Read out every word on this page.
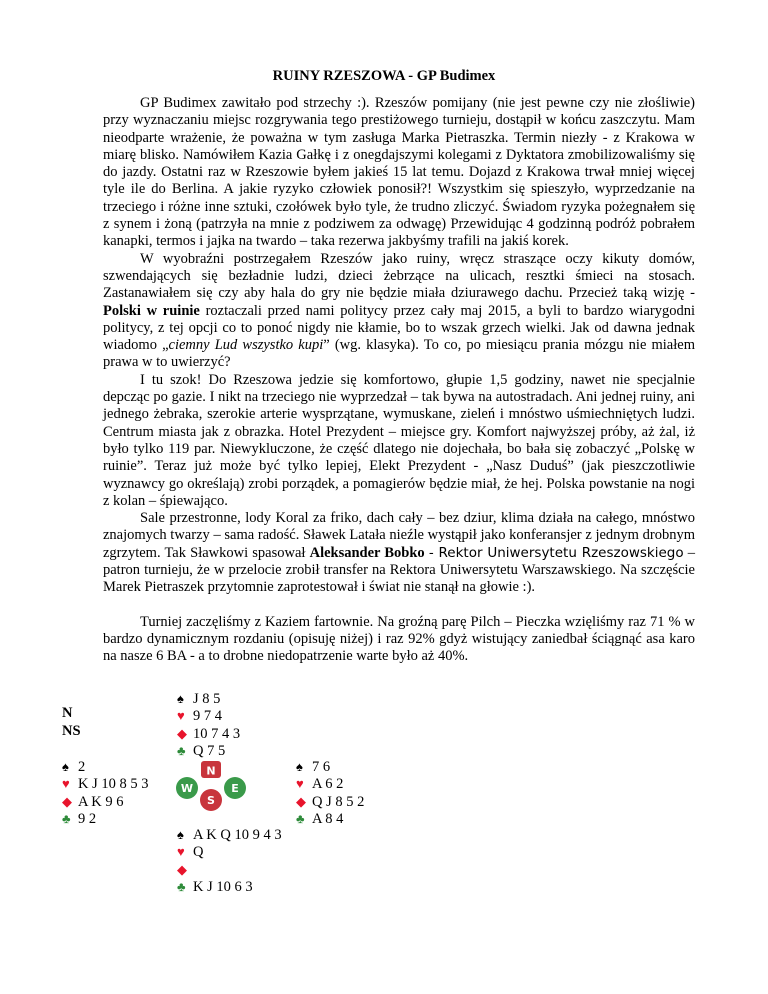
RUINY RZESZOWA - GP Budimex

GP Budimex zawitało pod strzechy :). Rzeszów pomijany (nie jest pewne czy nie złośliwie) przy wyznaczaniu miejsc rozgrywania tego prestiżowego turnieju, dostąpił w końcu zaszczytu. Mam nieodparte wrażenie, że poważna w tym zasługa Marka Pietraszka. Termin niezły - z Krakowa w miarę blisko. Namówiłem Kazia Gałkę i z onegdajszymi kolegami z Dyktatora zmobilizowaliśmy się do jazdy. Ostatni raz w Rzeszowie byłem jakieś 15 lat temu. Dojazd z Krakowa trwał mniej więcej tyle ile do Berlina. A jakie ryzyko człowiek ponosił?! Wszystkim się spieszyło, wyprzedzanie na trzeciego i różne inne sztuki, czołówek było tyle, że trudno zliczyć. Świadom ryzyka pożegnałem się z synem i żoną (patrzyła na mnie z podziwem za odwagę) Przewidując 4 godzinną podróż pobrałem kanapki, termos i jajka na twardo – taka rezerwa jakbyśmy trafili na jakiś korek.

W wyobraźni postrzegałem Rzeszów jako ruiny, wręcz straszące oczy kikuty domów, szwendających się bezładnie ludzi, dzieci żebrzące na ulicach, resztki śmieci na stosach. Zastanawiałem się czy aby hala do gry nie będzie miała dziurawego dachu. Przecież taką wizję - Polski w ruinie roztaczali przed nami politycy przez cały maj 2015, a byli to bardzo wiarygodni politycy, z tej opcji co to ponoć nigdy nie kłamie, bo to wszak grzech wielki. Jak od dawna jednak wiadomo „ciemny Lud wszystko kupi” (wg. klasyka). To co, po miesiącu prania mózgu nie miałem prawa w to uwierzyć?

I tu szok! Do Rzeszowa jedzie się komfortowo, głupie 1,5 godziny, nawet nie specjalnie depcząc po gazie. I nikt na trzeciego nie wyprzedzał – tak bywa na autostradach. Ani jednej ruiny, ani jednego żebraka, szerokie arterie wysprzątane, wymuskane, zieleń i mnóstwo uśmiechniętych ludzi. Centrum miasta jak z obrazka. Hotel Prezydent – miejsce gry. Komfort najwyższej próby, aż żal, iż było tylko 119 par. Niewykluczone, że część dlatego nie dojechała, bo bała się zobaczyć „Polskę w ruinie”. Teraz już może być tylko lepiej, Elekt Prezydent - „Nasz Duduś” (jak pieszczotliwie wyznawcy go określają) zrobi porządek, a pomagierów będzie miał, że hej. Polska powstanie na nogi z kolan – śpiewająco.

Sale przestronne, lody Koral za friko, dach cały – bez dziur, klima działa na całego, mnóstwo znajomych twarzy – sama radość. Sławek Latała nieźle wystąpił jako konferansjer z jednym drobnym zgrzytem. Tak Sławkowi spasował Aleksander Bobko - Rektor Uniwersytetu Rzeszowskiego – patron turnieju, że w przelocie zrobił transfer na Rektora Uniwersytetu Warszawskiego. Na szczęście Marek Pietraszek przytomnie zaprotestował i świat nie stanął na głowie :).

Turniej zaczęliśmy z Kaziem fartownie. Na groźną parę Pilch – Pieczka wzięliśmy raz 71 % w bardzo dynamicznym rozdaniu (opisuję niżej) i raz 92% gdyż wistujący zaniedbał ściągnąć asa karo na nasze 6 BA - a to drobne niedopatrzenie warte było aż 40%.

N
NS
♠ J 8 5
♥ 9 7 4
◆ 10 7 4 3
♣ Q 7 5
♠ 2
♥ K J 10 8 5 3
◆ A K 9 6
♣ 9 2
N
W	E
S
♠ 7 6
♥ A 6 2
◆ Q J 8 5 2
♣ A 8 4
♠ A K Q 10 9 4 3
♥ Q
◆
♣ K J 10 6 3
